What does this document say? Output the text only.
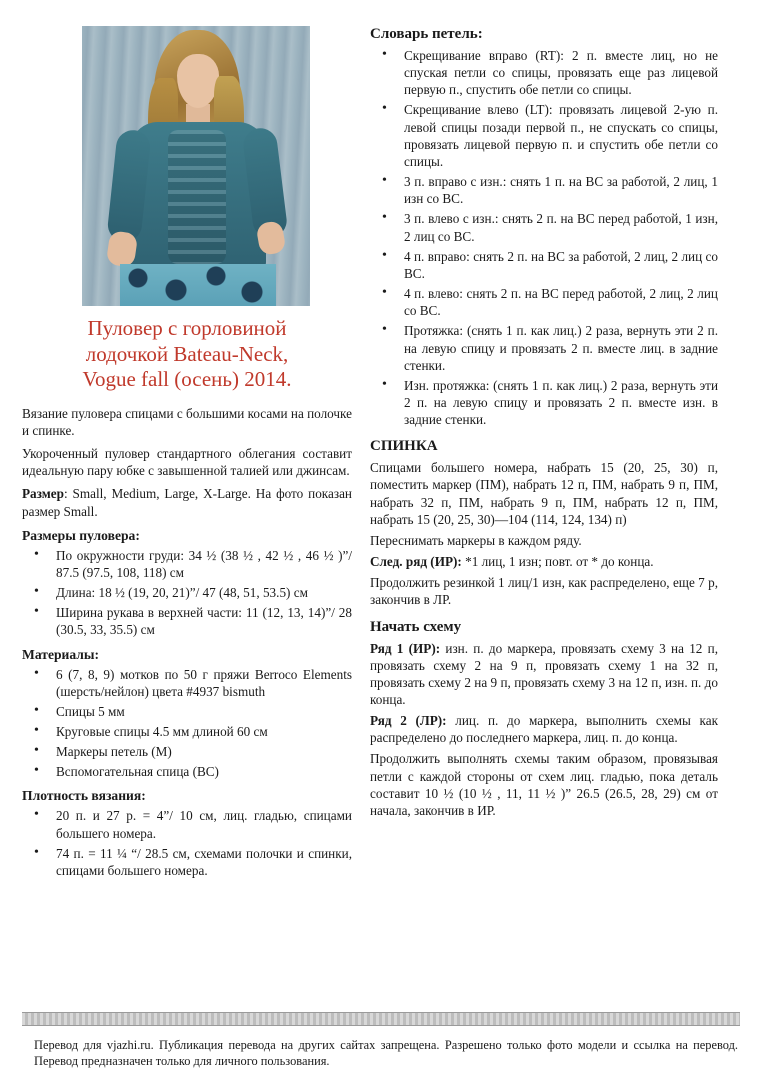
Пуловер с горловиной
лодочкой Bateau-Neck,
Vogue fall (осень) 2014.

Вязание пуловера спицами с большими косами на полочке и спинке.

Укороченный пуловер стандартного облегания составит идеальную пару юбке с завышенной талией или джинсам.

Размер: Small, Medium, Large, X-Large. На фото показан размер Small.

Размеры пуловера:
• По окружности груди: 34 ½ (38 ½ , 42 ½ , 46 ½ )”/ 87.5 (97.5, 108, 118) см
• Длина: 18 ½ (19, 20, 21)”/ 47 (48, 51, 53.5) см
• Ширина рукава в верхней части: 11 (12, 13, 14)”/ 28 (30.5, 33, 35.5) см
Материалы:
• 6 (7, 8, 9) мотков по 50 г пряжи Berroco Elements (шерсть/нейлон) цвета #4937 bismuth
• Спицы 5 мм
• Круговые спицы 4.5 мм длиной 60 см
• Маркеры петель (М)
• Вспомогательная спица (ВС)
Плотность вязания:
• 20 п. и 27 р. = 4”/ 10 см, лиц. гладью, спицами большего номера.
• 74 п. = 11 ¼ “/ 28.5 см, схемами полочки и спинки, спицами большего номера.
Словарь петель:
• Скрещивание вправо (RT): 2 п. вместе лиц, но не спуская петли со спицы, провязать еще раз лицевой первую п., спустить обе петли со спицы.
• Скрещивание влево (LT): провязать лицевой 2-ую п. левой спицы позади первой п., не спускать со спицы, провязать лицевой первую п. и спустить обе петли со спицы.
• 3 п. вправо с изн.: снять 1 п. на ВС за работой, 2 лиц, 1 изн со ВС.
• 3 п. влево с изн.: снять 2 п. на ВС перед работой, 1 изн, 2 лиц со ВС.
• 4 п. вправо: снять 2 п. на ВС за работой, 2 лиц, 2 лиц со ВС.
• 4 п. влево: снять 2 п. на ВС перед работой, 2 лиц, 2 лиц со ВС.
• Протяжка: (снять 1 п. как лиц.) 2 раза, вернуть эти 2 п. на левую спицу и провязать 2 п. вместе лиц. в задние стенки.
• Изн. протяжка: (снять 1 п. как лиц.) 2 раза, вернуть эти 2 п. на левую спицу и провязать 2 п. вместе изн. в задние стенки.
СПИНКА

Спицами большего номера, набрать 15 (20, 25, 30) п, поместить маркер (ПМ), набрать 12 п, ПМ, набрать 9 п, ПМ, набрать 32 п, ПМ, набрать 9 п, ПМ, набрать 12 п, ПМ, набрать 15 (20, 25, 30)—104 (114, 124, 134) п)

Переснимать маркеры в каждом ряду.

След. ряд (ИР): *1 лиц, 1 изн; повт. от * до конца.

Продолжить резинкой 1 лиц/1 изн, как распределено, еще 7 р, закончив в ЛР.

Начать схему

Ряд 1 (ИР): изн. п. до маркера, провязать схему 3 на 12 п, провязать схему 2 на 9 п, провязать схему 1 на 32 п, провязать схему 2 на 9 п, провязать схему 3 на 12 п, изн. п. до конца.

Ряд 2 (ЛР): лиц. п. до маркера, выполнить схемы как распределено до последнего маркера, лиц. п. до конца.

Продолжить выполнять схемы таким образом, провязывая петли с каждой стороны от схем лиц. гладью, пока деталь составит 10 ½ (10 ½ , 11, 11 ½ )” 26.5 (26.5, 28, 29) см от начала, закончив в ИР.

Перевод для vjazhi.ru. Публикация перевода на других сайтах запрещена. Разрешено только фото модели и ссылка на перевод. Перевод предназначен только для личного пользования.
